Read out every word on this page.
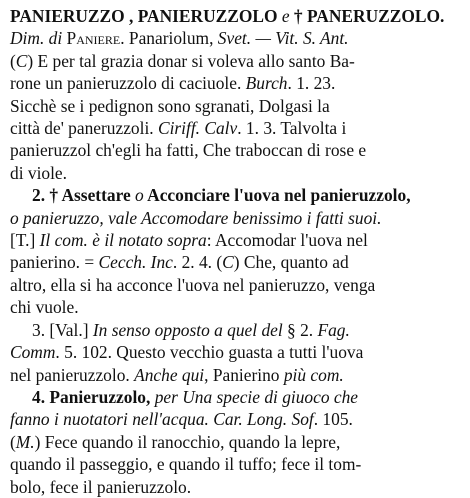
PANIERUZZO , PANIERUZZOLO e † PANERUZZOLO.
Dim. di Paniere. Panariolum, Svet. — Vit. S. Ant.
(C) E per tal grazia donar si voleva allo santo Ba-
rone un panieruzzolo di caciuole. Burch. 1. 23.
Sicchè se i pedignon sono sgranati, Dolgasi la
città de' paneruzzoli. Ciriff. Calv. 1. 3. Talvolta i
panieruzzol ch'egli ha fatti, Che traboccan di rose e
di viole.
2. † Assettare o Acconciare l'uova nel panieruzzolo,
o panieruzzo, vale Accomodare benissimo i fatti suoi.
[T.] Il com. è il notato sopra: Accomodar l'uova nel
panierino. = Cecch. Inc. 2. 4. (C) Che, quanto ad
altro, ella si ha acconce l'uova nel panieruzzo, venga
chi vuole.
3. [Val.] In senso opposto a quel del § 2. Fag.
Comm. 5. 102. Questo vecchio guasta a tutti l'uova
nel panieruzzolo. Anche qui, Panierino più com.
4. Panieruzzolo, per Una specie di giuoco che
fanno i nuotatori nell'acqua. Car. Long. Sof. 105.
(M.) Fece quando il ranocchio, quando la lepre,
quando il passeggio, e quando il tuffo; fece il tom-
bolo, fece il panieruzzolo.
